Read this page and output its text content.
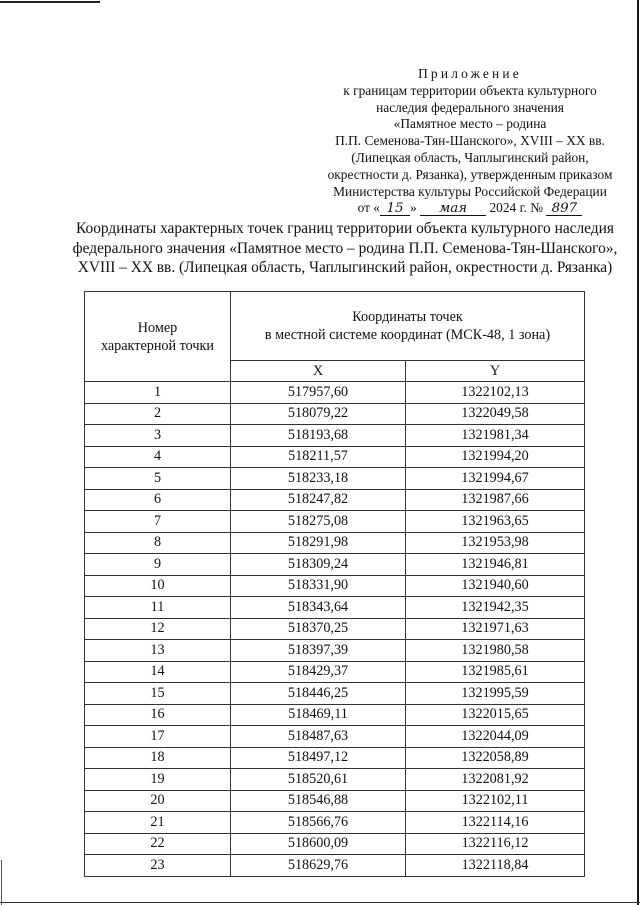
Приложение
к границам территории объекта культурного
наследия федерального значения
«Памятное место – родина
П.П. Семенова-Тян-Шанского», XVIII – XX вв.
(Липецкая область, Чаплыгинский район,
окрестности д. Рязанка), утвержденным приказом
Министерства культуры Российской Федерации
от « 15 » мая 2024 г. № 897
Координаты характерных точек границ территории объекта культурного наследия
федерального значения «Памятное место – родина П.П. Семенова-Тян-Шанского»,
XVIII – XX вв. (Липецкая область, Чаплыгинский район, окрестности д. Рязанка)
Номер
характерной точки

Координаты точек
в местной системе координат (МСК-48, 1 зона)

	X	Y
1	517957,60	1322102,13
2	518079,22	1322049,58
3	518193,68	1321981,34
4	518211,57	1321994,20
5	518233,18	1321994,67
6	518247,82	1321987,66
7	518275,08	1321963,65
8	518291,98	1321953,98
9	518309,24	1321946,81
10	518331,90	1321940,60
11	518343,64	1321942,35
12	518370,25	1321971,63
13	518397,39	1321980,58
14	518429,37	1321985,61
15	518446,25	1321995,59
16	518469,11	1322015,65
17	518487,63	1322044,09
18	518497,12	1322058,89
19	518520,61	1322081,92
20	518546,88	1322102,11
21	518566,76	1322114,16
22	518600,09	1322116,12
23	518629,76	1322118,84
